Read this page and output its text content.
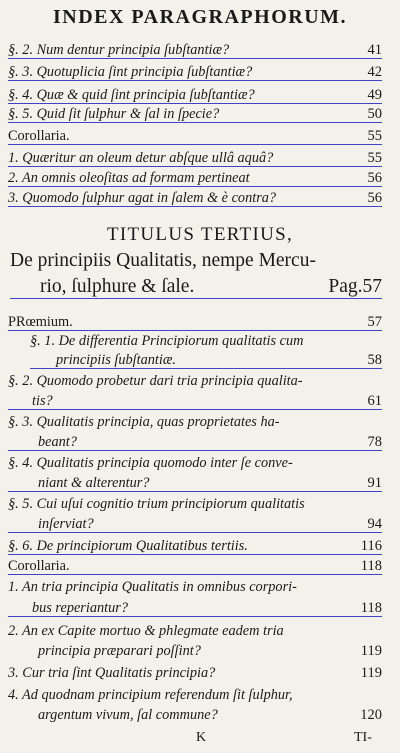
INDEX PARAGRAPHORUM.
§. 2. Num dentur principia ſubſtantiæ?	41
§. 3. Quotuplicia ſint principia ſubſtantiæ?	42
§. 4. Quæ & quid ſint principia ſubſtantiæ?	49
§. 5. Quid ſit ſulphur & ſal in ſpecie?	50
Corollaria.	55
1. Quæritur an oleum detur abſque ullâ aquâ?	55
2. An omnis oleoſitas ad formam pertineat	56
3. Quomodo ſulphur agat in ſalem & è contra?	56
TITULUS TERTIUS,
De principiis Qualitatis, nempe Mercu-
rio, ſulphure & ſale.	Pag.57
PRœmium.	57
§. 1. De differentia Principiorum qualitatis cum
principiis ſubſtantiæ.	58
§. 2. Quomodo probetur dari tria principia qualita-
tis?	61
§. 3. Qualitatis principia, quas proprietates ha-
beant?	78
§. 4. Qualitatis principia quomodo inter ſe conve-
niant & alterentur?	91
§. 5. Cui uſui cognitio trium principiorum qualitatis
inſerviat?	94
§. 6. De principiorum Qualitatibus tertiis.	116
Corollaria.	118
1. An tria principia Qualitatis in omnibus corpori-
bus reperiantur?	118
2. An ex Capite mortuo & phlegmate eadem tria
principia præparari poſſint?	119
3. Cur tria ſint Qualitatis principia?	119
4. Ad quodnam principium referendum ſit ſulphur,
argentum vivum, ſal commune?	120
K	TI-
